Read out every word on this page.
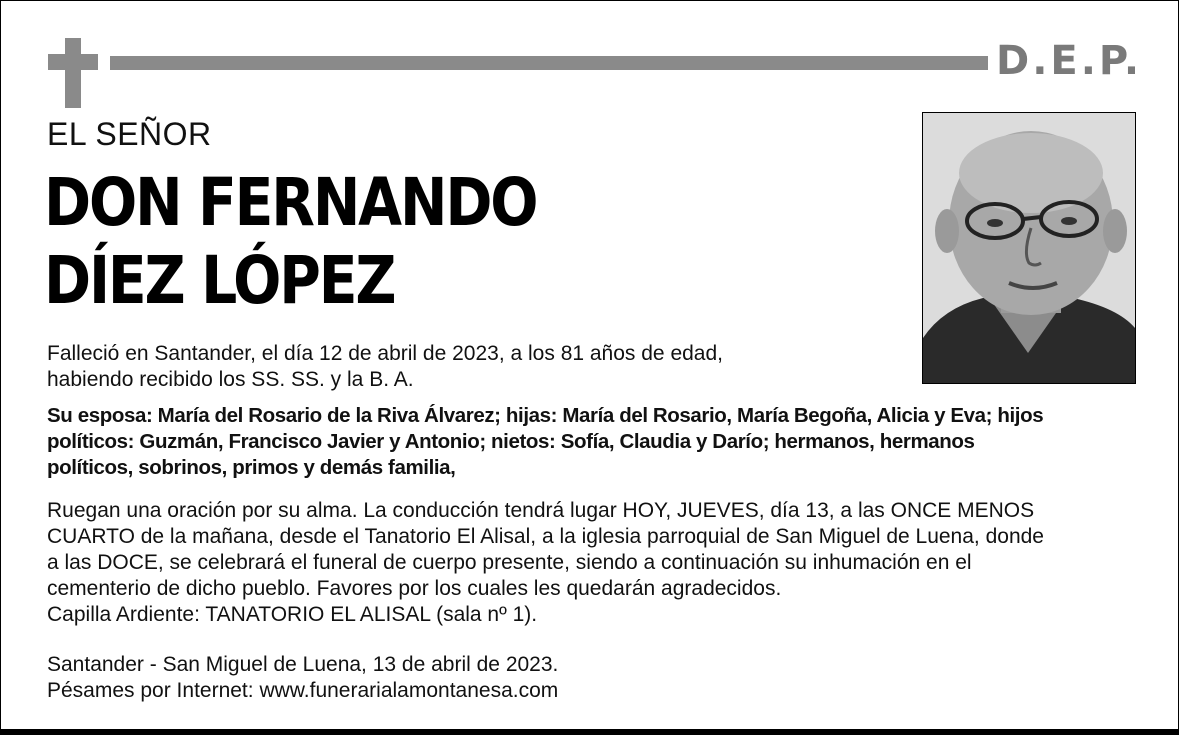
D.E.P.
EL SEÑOR
DON FERNANDO
DÍEZ LÓPEZ
Falleció en Santander, el día 12 de abril de 2023, a los 81 años de edad,
habiendo recibido los SS. SS. y la B. A.
Su esposa: María del Rosario de la Riva Álvarez; hijas: María del Rosario, María Begoña, Alicia y Eva; hijos
políticos: Guzmán, Francisco Javier y Antonio; nietos: Sofía, Claudia y Darío; hermanos, hermanos
políticos, sobrinos, primos y demás familia,
Ruegan una oración por su alma. La conducción tendrá lugar HOY, JUEVES, día 13, a las ONCE MENOS
CUARTO de la mañana, desde el Tanatorio El Alisal, a la iglesia parroquial de San Miguel de Luena, donde
a las DOCE, se celebrará el funeral de cuerpo presente, siendo a continuación su inhumación en el
cementerio de dicho pueblo. Favores por los cuales les quedarán agradecidos.
Capilla Ardiente: TANATORIO EL ALISAL (sala nº 1).
Santander - San Miguel de Luena, 13 de abril de 2023.
Pésames por Internet: www.funerarialamontanesa.com
